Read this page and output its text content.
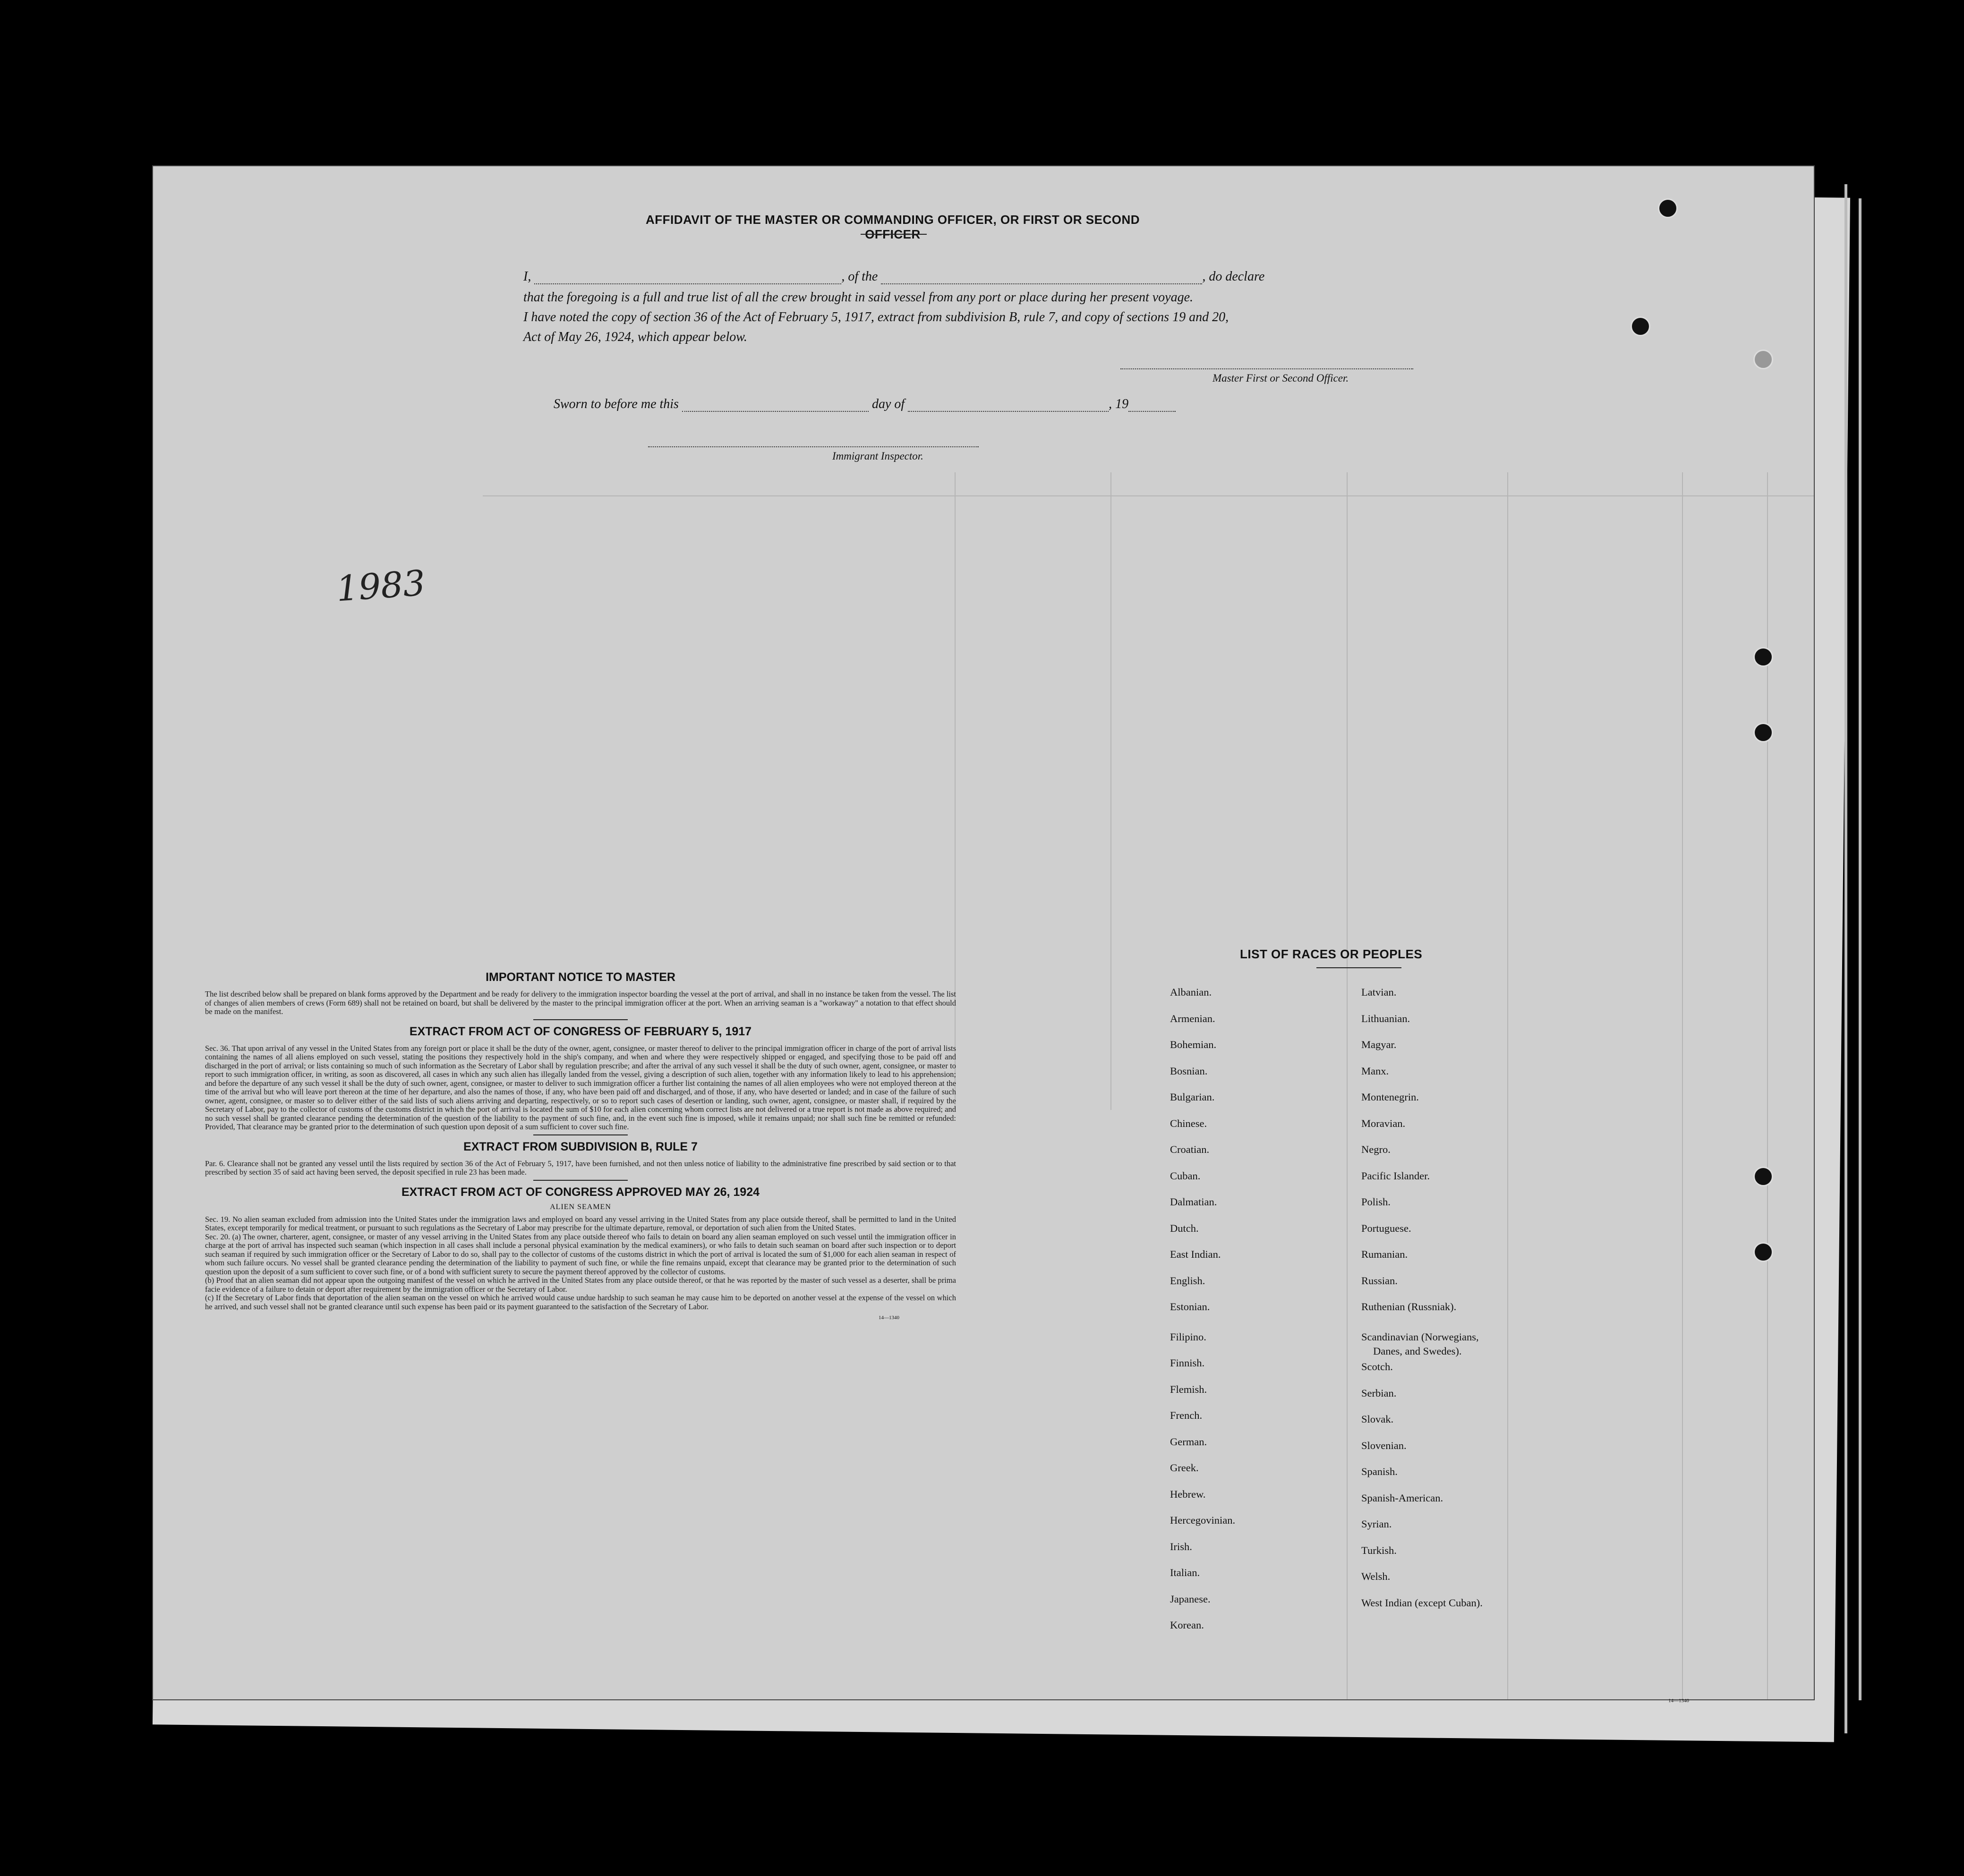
AFFIDAVIT OF THE MASTER OR COMMANDING OFFICER, OR FIRST OR SECOND OFFICER
I,	, of the	, do declare
that the foregoing is a full and true list of all the crew brought in said vessel from any port or place during her present voyage.
I have noted the copy of section 36 of the Act of February 5, 1917, extract from subdivision B, rule 7, and copy of sections 19 and 20,
Act of May 26, 1924, which appear below.
Master First or Second Officer.
Sworn to before me this	day of	, 19
Immigrant Inspector.
1983
IMPORTANT NOTICE TO MASTER
The list described below shall be prepared on blank forms approved by the Department and be ready for delivery to the immigration inspector boarding the vessel at the port of arrival, and shall in no instance be taken from the vessel. The list of changes of alien members of crews (Form 689) shall not be retained on board, but shall be delivered by the master to the principal immigration officer at the port. When an arriving seaman is a "workaway" a notation to that effect should be made on the manifest.
EXTRACT FROM ACT OF CONGRESS OF FEBRUARY 5, 1917
Sec. 36. That upon arrival of any vessel in the United States from any foreign port or place it shall be the duty of the owner, agent, consignee, or master thereof to deliver to the principal immigration officer in charge of the port of arrival lists containing the names of all aliens employed on such vessel, stating the positions they respectively hold in the ship's company, and when and where they were respectively shipped or engaged, and specifying those to be paid off and discharged in the port of arrival; or lists containing so much of such information as the Secretary of Labor shall by regulation prescribe; and after the arrival of any such vessel it shall be the duty of such owner, agent, consignee, or master to report to such immigration officer, in writing, as soon as discovered, all cases in which any such alien has illegally landed from the vessel, giving a description of such alien, together with any information likely to lead to his apprehension; and before the departure of any such vessel it shall be the duty of such owner, agent, consignee, or master to deliver to such immigration officer a further list containing the names of all alien employees who were not employed thereon at the time of the arrival but who will leave port thereon at the time of her departure, and also the names of those, if any, who have been paid off and discharged, and of those, if any, who have deserted or landed; and in case of the failure of such owner, agent, consignee, or master so to deliver either of the said lists of such aliens arriving and departing, respectively, or so to report such cases of desertion or landing, such owner, agent, consignee, or master shall, if required by the Secretary of Labor, pay to the collector of customs of the customs district in which the port of arrival is located the sum of $10 for each alien concerning whom correct lists are not delivered or a true report is not made as above required; and no such vessel shall be granted clearance pending the determination of the question of the liability to the payment of such fine, and, in the event such fine is imposed, while it remains unpaid; nor shall such fine be remitted or refunded: Provided, That clearance may be granted prior to the determination of such question upon deposit of a sum sufficient to cover such fine.
EXTRACT FROM SUBDIVISION B, RULE 7
Par. 6. Clearance shall not be granted any vessel until the lists required by section 36 of the Act of February 5, 1917, have been furnished, and not then unless notice of liability to the administrative fine prescribed by said section or to that prescribed by section 35 of said act having been served, the deposit specified in rule 23 has been made.
EXTRACT FROM ACT OF CONGRESS APPROVED MAY 26, 1924
ALIEN SEAMEN
Sec. 19. No alien seaman excluded from admission into the United States under the immigration laws and employed on board any vessel arriving in the United States from any place outside thereof, shall be permitted to land in the United States, except temporarily for medical treatment, or pursuant to such regulations as the Secretary of Labor may prescribe for the ultimate departure, removal, or deportation of such alien from the United States.
Sec. 20. (a) The owner, charterer, agent, consignee, or master of any vessel arriving in the United States from any place outside thereof who fails to detain on board any alien seaman employed on such vessel until the immigration officer in charge at the port of arrival has inspected such seaman (which inspection in all cases shall include a personal physical examination by the medical examiners), or who fails to detain such seaman on board after such inspection or to deport such seaman if required by such immigration officer or the Secretary of Labor to do so, shall pay to the collector of customs of the customs district in which the port of arrival is located the sum of $1,000 for each alien seaman in respect of whom such failure occurs. No vessel shall be granted clearance pending the determination of the liability to payment of such fine, or while the fine remains unpaid, except that clearance may be granted prior to the determination of such question upon the deposit of a sum sufficient to cover such fine, or of a bond with sufficient surety to secure the payment thereof approved by the collector of customs.
(b) Proof that an alien seaman did not appear upon the outgoing manifest of the vessel on which he arrived in the United States from any place outside thereof, or that he was reported by the master of such vessel as a deserter, shall be prima facie evidence of a failure to detain or deport after requirement by the immigration officer or the Secretary of Labor.
(c) If the Secretary of Labor finds that deportation of the alien seaman on the vessel on which he arrived would cause undue hardship to such seaman he may cause him to be deported on another vessel at the expense of the vessel on which he arrived, and such vessel shall not be granted clearance until such expense has been paid or its payment guaranteed to the satisfaction of the Secretary of Labor.
14—1340
LIST OF RACES OR PEOPLES
Albanian.
Armenian.
Bohemian.
Bosnian.
Bulgarian.
Chinese.
Croatian.
Cuban.
Dalmatian.
Dutch.
East Indian.
English.
Estonian.
Filipino.
Finnish.
Flemish.
French.
German.
Greek.
Hebrew.
Hercegovinian.
Irish.
Italian.
Japanese.
Korean.
Latvian.
Lithuanian.
Magyar.
Manx.
Montenegrin.
Moravian.
Negro.
Pacific Islander.
Polish.
Portuguese.
Rumanian.
Russian.
Ruthenian (Russniak).
Scandinavian (Norwegians,
Danes, and Swedes).
Scotch.
Serbian.
Slovak.
Slovenian.
Spanish.
Spanish-American.
Syrian.
Turkish.
Welsh.
West Indian (except Cuban).
14—1340
